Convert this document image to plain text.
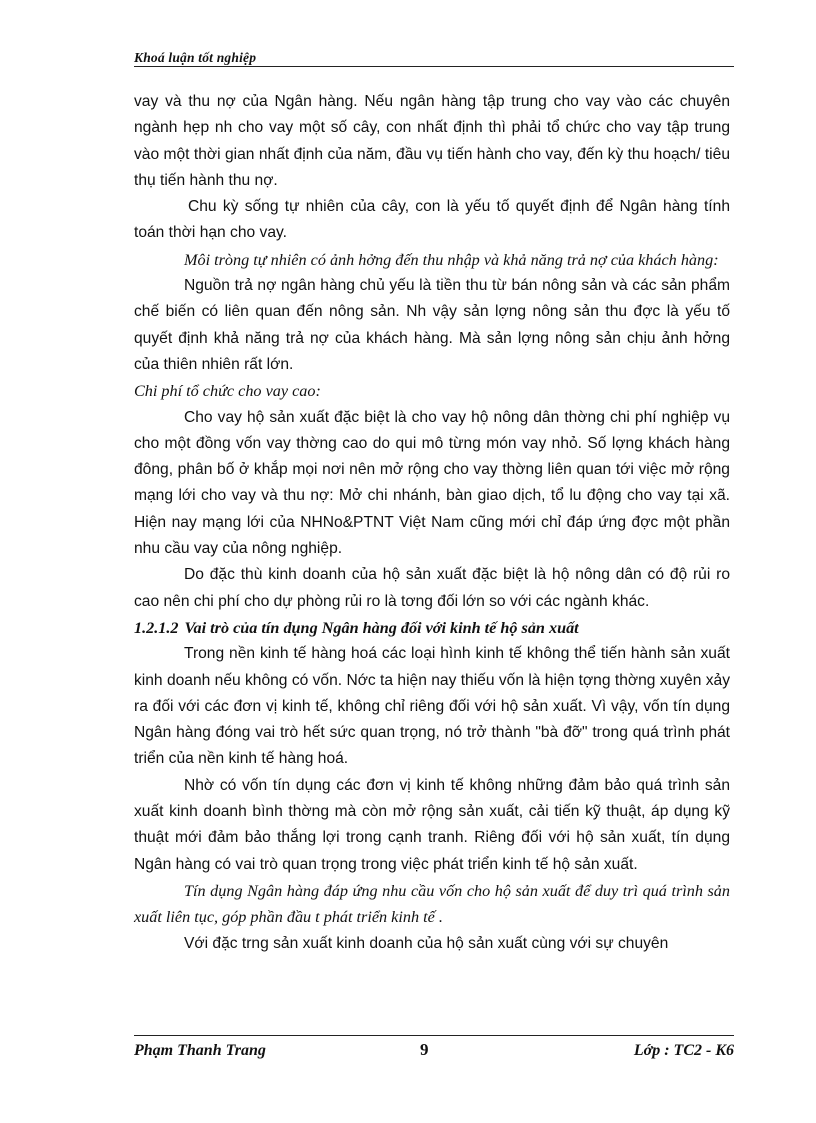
Khoá luận tốt nghiệp

vay và thu nợ của Ngân hàng. Nếu ngân hàng tập trung cho vay vào các chuyên ngành hẹp nh cho vay một số cây, con nhất định thì phải tổ chức cho vay tập trung vào một thời gian nhất định của năm, đầu vụ tiến hành cho vay, đến kỳ thu hoạch/ tiêu thụ tiến hành thu nợ.

Chu kỳ sống tự nhiên của cây, con là yếu tố quyết định để Ngân hàng tính toán thời hạn cho vay.

Môi tròng tự nhiên có ảnh hởng đến thu nhập và khả năng trả nợ của khách hàng:

Nguồn trả nợ ngân hàng chủ yếu là tiền thu từ bán nông sản và các sản phẩm chế biến có liên quan đến nông sản. Nh vậy sản lợng nông sản thu đợc là yếu tố quyết định khả năng trả nợ của khách hàng. Mà sản lợng nông sản chịu ảnh hởng của thiên nhiên rất lớn.

Chi phí tổ chức cho vay cao:

Cho vay hộ sản xuất đặc biệt là cho vay hộ nông dân thờng chi phí nghiệp vụ cho một đồng vốn vay thờng cao do qui mô từng món vay nhỏ. Số lợng khách hàng đông, phân bố ở khắp mọi nơi nên mở rộng cho vay thờng liên quan tới việc mở rộng mạng lới cho vay và thu nợ: Mở chi nhánh, bàn giao dịch, tổ lu động cho vay tại xã. Hiện nay mạng lới của NHNo&PTNT Việt Nam cũng mới chỉ đáp ứng đợc một phần nhu cầu vay của nông nghiệp.

Do đặc thù kinh doanh của hộ sản xuất đặc biệt là hộ nông dân có độ rủi ro cao nên chi phí cho dự phòng rủi ro là tơng đối lớn so với các ngành khác.

1.2.1.2 Vai trò của tín dụng Ngân hàng đối với kinh tế hộ sản xuất

Trong nền kinh tế hàng hoá các loại hình kinh tế không thể tiến hành sản xuất kinh doanh nếu không có vốn. Nớc ta hiện nay thiếu vốn là hiện tợng thờng xuyên xảy ra đối với các đơn vị kinh tế, không chỉ riêng đối với hộ sản xuất. Vì vậy, vốn tín dụng Ngân hàng đóng vai trò hết sức quan trọng, nó trở thành "bà đỡ" trong quá trình phát triển của nền kinh tế hàng hoá.

Nhờ có vốn tín dụng các đơn vị kinh tế không những đảm bảo quá trình sản xuất kinh doanh bình thờng mà còn mở rộng sản xuất, cải tiến kỹ thuật, áp dụng kỹ thuật mới đảm bảo thắng lợi trong cạnh tranh. Riêng đối với hộ sản xuất, tín dụng Ngân hàng có vai trò quan trọng trong việc phát triển kinh tế hộ sản xuất.

Tín dụng Ngân hàng đáp ứng nhu cầu vốn cho hộ sản xuất để duy trì quá trình sản xuất liên tục, góp phần đầu t phát triển kinh tế .

Với đặc trng sản xuất kinh doanh của hộ sản xuất cùng với sự chuyên

Phạm Thanh Trang	9	Lớp : TC2 - K6
